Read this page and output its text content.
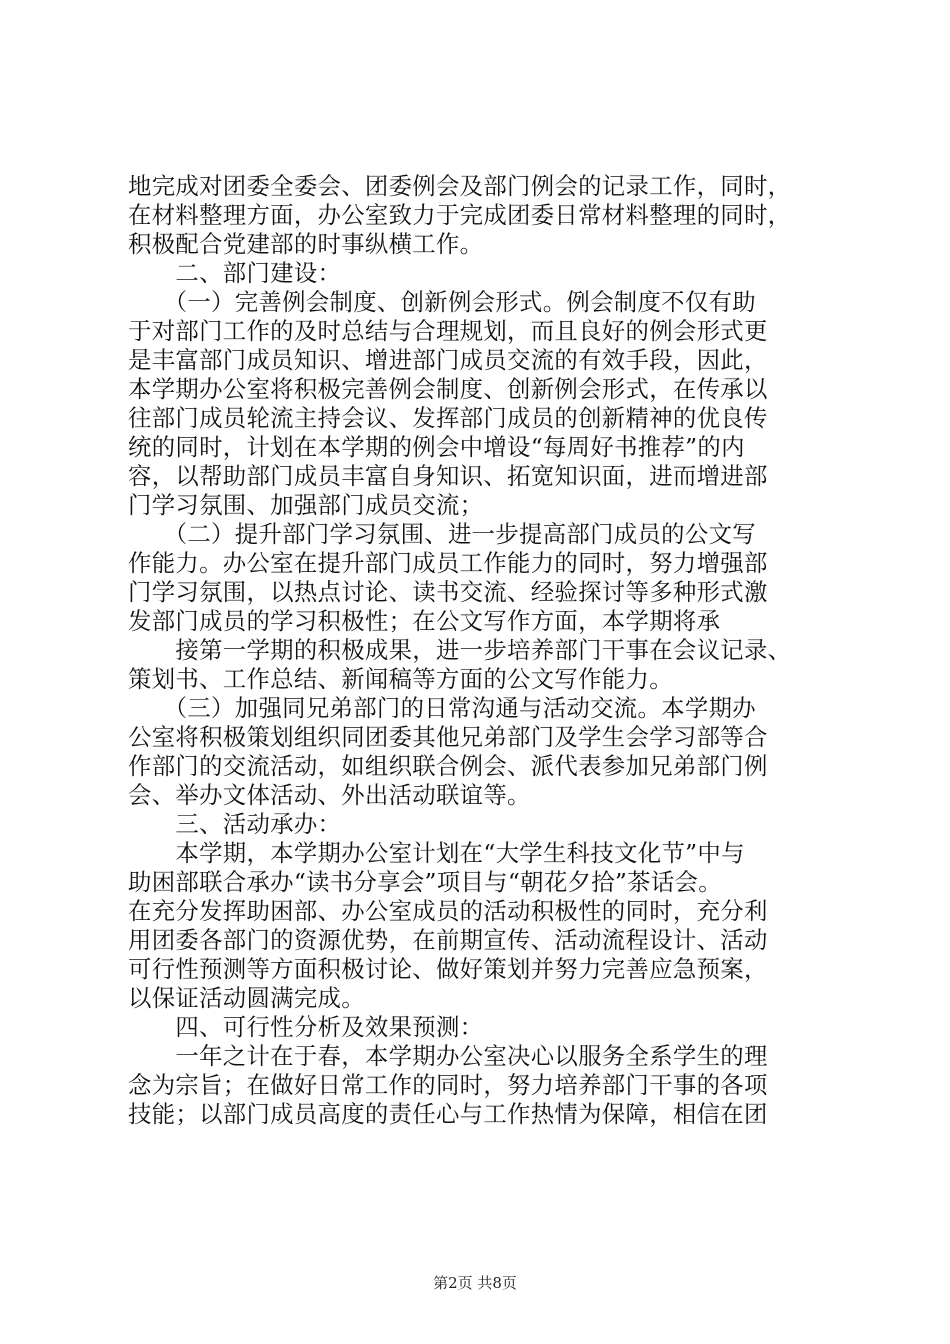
地完成对团委全委会、团委例会及部门例会的记录工作，同时，
在材料整理方面，办公室致力于完成团委日常材料整理的同时，
积极配合党建部的时事纵横工作。
　　二、部门建设：
　　（一）完善例会制度、创新例会形式。例会制度不仅有助
于对部门工作的及时总结与合理规划，而且良好的例会形式更
是丰富部门成员知识、增进部门成员交流的有效手段，因此，
本学期办公室将积极完善例会制度、创新例会形式，在传承以
往部门成员轮流主持会议、发挥部门成员的创新精神的优良传
统的同时，计划在本学期的例会中增设“每周好书推荐”的内
容，以帮助部门成员丰富自身知识、拓宽知识面，进而增进部
门学习氛围、加强部门成员交流；
　　（二）提升部门学习氛围、进一步提高部门成员的公文写
作能力。办公室在提升部门成员工作能力的同时，努力增强部
门学习氛围，以热点讨论、读书交流、经验探讨等多种形式激
发部门成员的学习积极性；在公文写作方面，本学期将承
　　接第一学期的积极成果，进一步培养部门干事在会议记录、
策划书、工作总结、新闻稿等方面的公文写作能力。
　　（三）加强同兄弟部门的日常沟通与活动交流。本学期办
公室将积极策划组织同团委其他兄弟部门及学生会学习部等合
作部门的交流活动，如组织联合例会、派代表参加兄弟部门例
会、举办文体活动、外出活动联谊等。
　　三、活动承办：
　　本学期，本学期办公室计划在“大学生科技文化节”中与
助困部联合承办“读书分享会”项目与“朝花夕拾”茶话会。
在充分发挥助困部、办公室成员的活动积极性的同时，充分利
用团委各部门的资源优势，在前期宣传、活动流程设计、活动
可行性预测等方面积极讨论、做好策划并努力完善应急预案，
以保证活动圆满完成。
　　四、可行性分析及效果预测：
　　一年之计在于春，本学期办公室决心以服务全系学生的理
念为宗旨；在做好日常工作的同时，努力培养部门干事的各项
技能；以部门成员高度的责任心与工作热情为保障，相信在团
第2页 共8页
